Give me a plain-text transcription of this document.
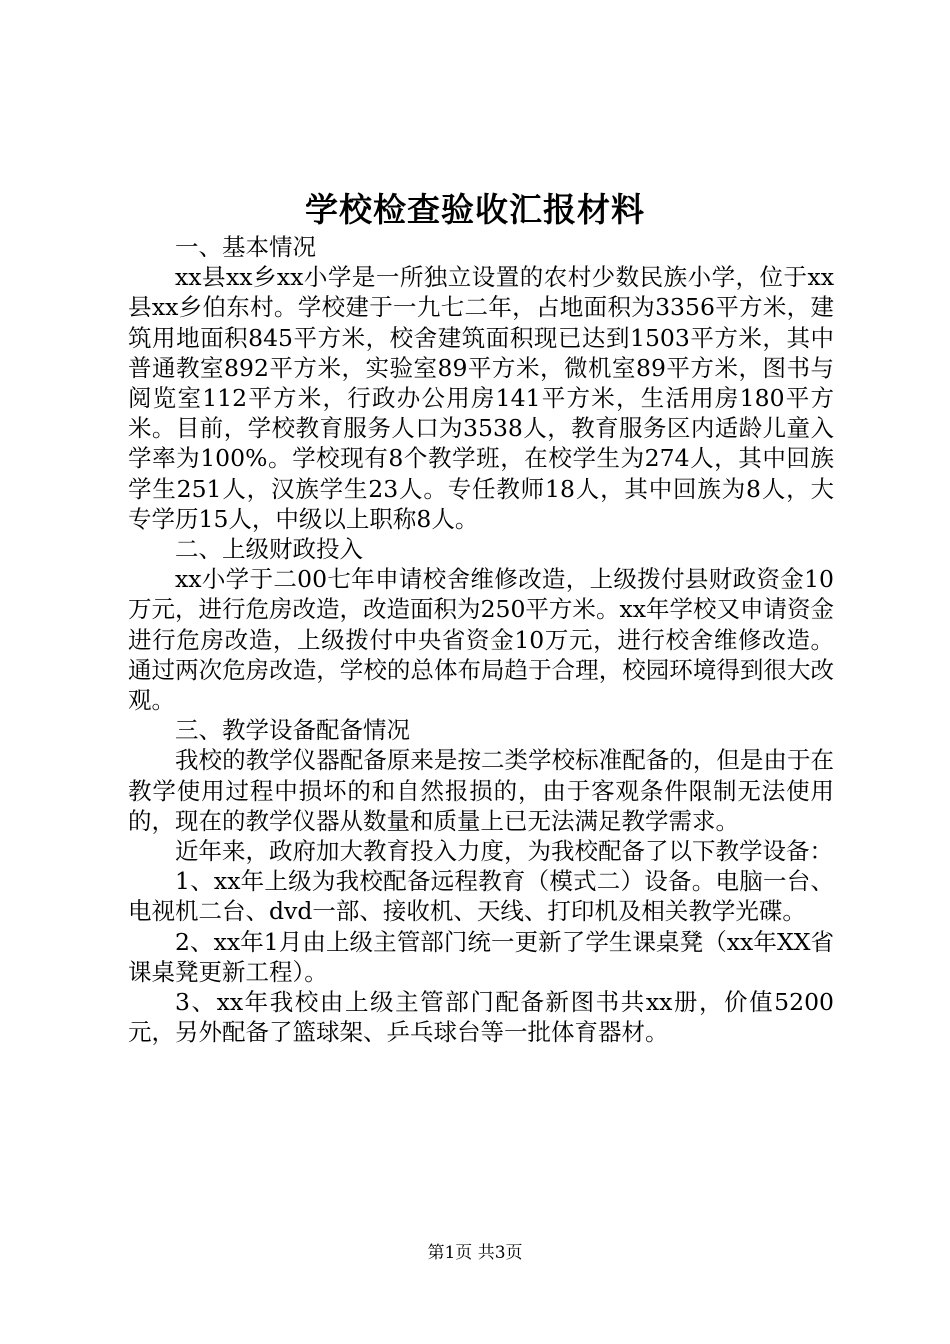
学校检查验收汇报材料

一、基本情况

xx县xx乡xx小学是一所独立设置的农村少数民族小学，位于xx县xx乡伯东村。学校建于一九七二年，占地面积为3356平方米，建筑用地面积845平方米，校舍建筑面积现已达到1503平方米，其中普通教室892平方米，实验室89平方米，微机室89平方米，图书与阅览室112平方米，行政办公用房141平方米，生活用房180平方米。目前，学校教育服务人口为3538人，教育服务区内适龄儿童入学率为100%。学校现有8个教学班，在校学生为274人，其中回族学生251人，汉族学生23人。专任教师18人，其中回族为8人，大专学历15人，中级以上职称8人。

二、上级财政投入

xx小学于二00七年申请校舍维修改造，上级拨付县财政资金10万元，进行危房改造，改造面积为250平方米。xx年学校又申请资金进行危房改造，上级拨付中央省资金10万元，进行校舍维修改造。通过两次危房改造，学校的总体布局趋于合理，校园环境得到很大改观。

三、教学设备配备情况

我校的教学仪器配备原来是按二类学校标准配备的，但是由于在教学使用过程中损坏的和自然报损的，由于客观条件限制无法使用的，现在的教学仪器从数量和质量上已无法满足教学需求。

近年来，政府加大教育投入力度，为我校配备了以下教学设备：

1、xx年上级为我校配备远程教育（模式二）设备。电脑一台、电视机二台、dvd一部、接收机、天线、打印机及相关教学光碟。

2、xx年1月由上级主管部门统一更新了学生课桌凳（xx年XX省课桌凳更新工程）。

3、xx年我校由上级主管部门配备新图书共xx册，价值5200元，另外配备了篮球架、乒乓球台等一批体育器材。

第1页 共3页
